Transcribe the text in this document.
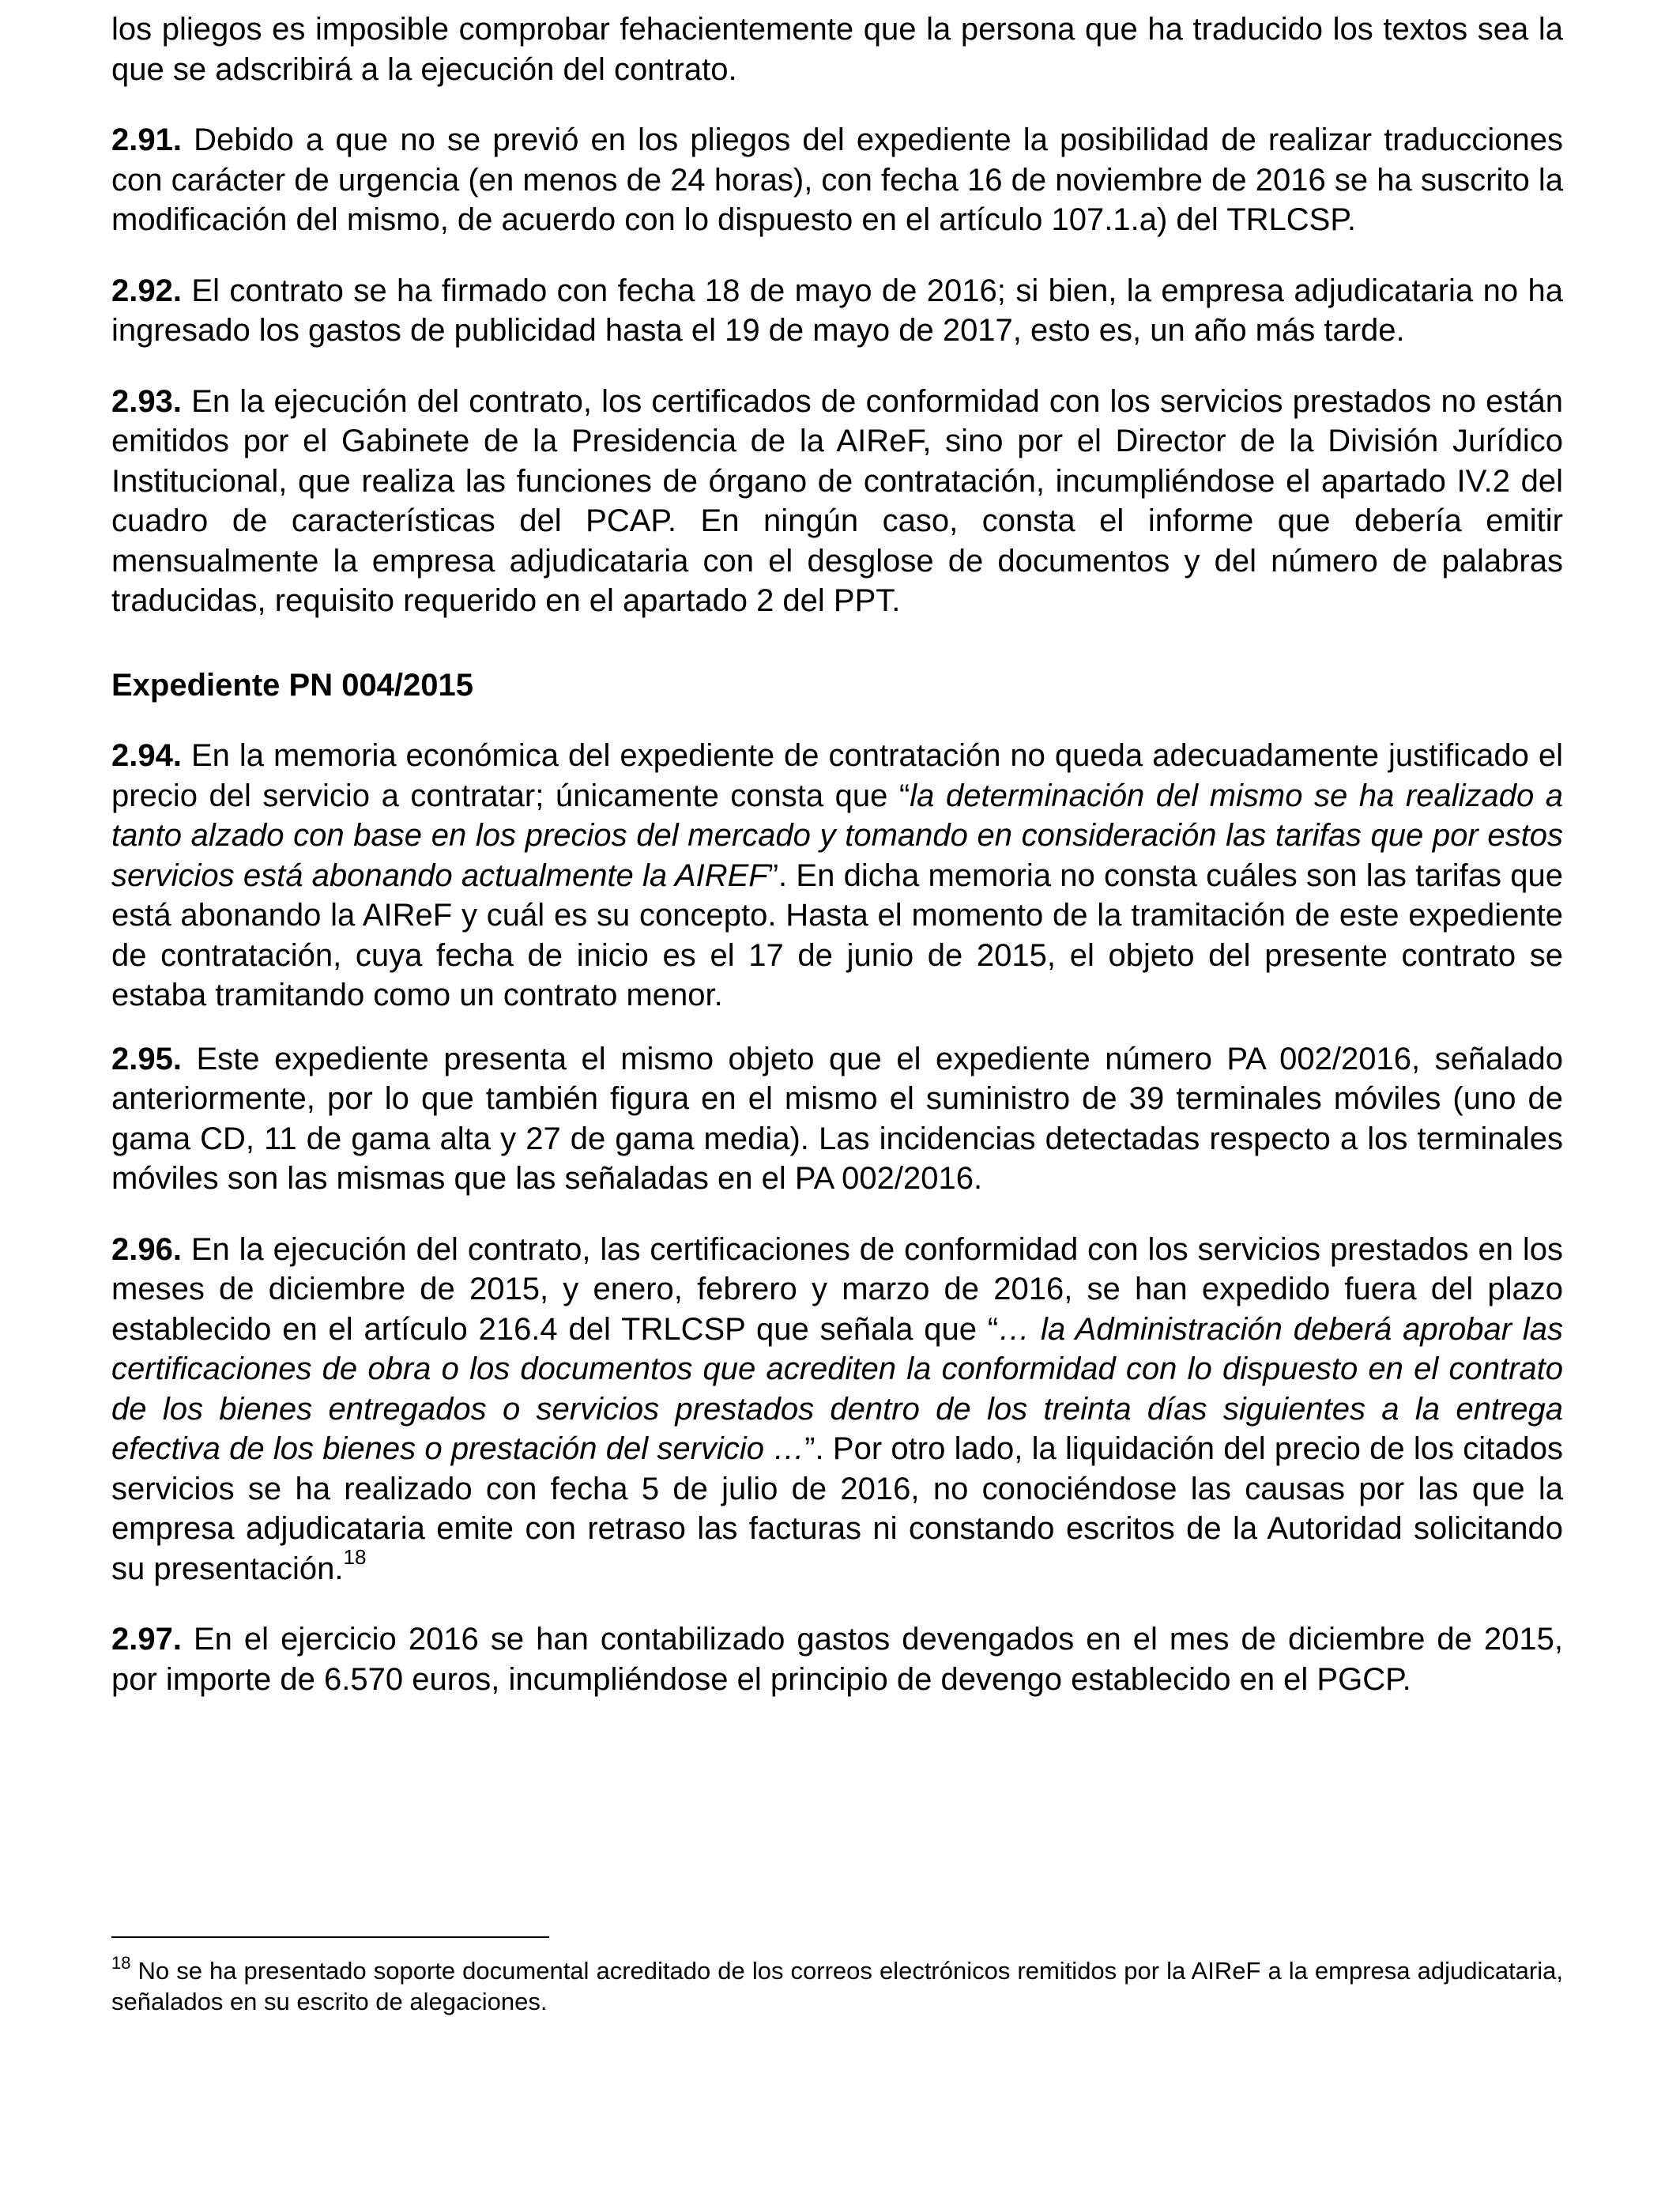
los pliegos es imposible comprobar fehacientemente que la persona que ha traducido los textos sea la que se adscribirá a la ejecución del contrato.

2.91. Debido a que no se previó en los pliegos del expediente la posibilidad de realizar traducciones con carácter de urgencia (en menos de 24 horas), con fecha 16 de noviembre de 2016 se ha suscrito la modificación del mismo, de acuerdo con lo dispuesto en el artículo 107.1.a) del TRLCSP.

2.92. El contrato se ha firmado con fecha 18 de mayo de 2016; si bien, la empresa adjudicataria no ha ingresado los gastos de publicidad hasta el 19 de mayo de 2017, esto es, un año más tarde.

2.93. En la ejecución del contrato, los certificados de conformidad con los servicios prestados no están emitidos por el Gabinete de la Presidencia de la AIReF, sino por el Director de la División Jurídico Institucional, que realiza las funciones de órgano de contratación, incumpliéndose el apartado IV.2 del cuadro de características del PCAP. En ningún caso, consta el informe que debería emitir mensualmente la empresa adjudicataria con el desglose de documentos y del número de palabras traducidas, requisito requerido en el apartado 2 del PPT.

Expediente PN 004/2015

2.94. En la memoria económica del expediente de contratación no queda adecuadamente justificado el precio del servicio a contratar; únicamente consta que “la determinación del mismo se ha realizado a tanto alzado con base en los precios del mercado y tomando en consideración las tarifas que por estos servicios está abonando actualmente la AIREF”. En dicha memoria no consta cuáles son las tarifas que está abonando la AIReF y cuál es su concepto. Hasta el momento de la tramitación de este expediente de contratación, cuya fecha de inicio es el 17 de junio de 2015, el objeto del presente contrato se estaba tramitando como un contrato menor.

2.95. Este expediente presenta el mismo objeto que el expediente número PA 002/2016, señalado anteriormente, por lo que también figura en el mismo el suministro de 39 terminales móviles (uno de gama CD, 11 de gama alta y 27 de gama media). Las incidencias detectadas respecto a los terminales móviles son las mismas que las señaladas en el PA 002/2016.

2.96. En la ejecución del contrato, las certificaciones de conformidad con los servicios prestados en los meses de diciembre de 2015, y enero, febrero y marzo de 2016, se han expedido fuera del plazo establecido en el artículo 216.4 del TRLCSP que señala que “… la Administración deberá aprobar las certificaciones de obra o los documentos que acrediten la conformidad con lo dispuesto en el contrato de los bienes entregados o servicios prestados dentro de los treinta días siguientes a la entrega efectiva de los bienes o prestación del servicio …”. Por otro lado, la liquidación del precio de los citados servicios se ha realizado con fecha 5 de julio de 2016, no conociéndose las causas por las que la empresa adjudicataria emite con retraso las facturas ni constando escritos de la Autoridad solicitando su presentación.$^{18}$

2.97. En el ejercicio 2016 se han contabilizado gastos devengados en el mes de diciembre de 2015, por importe de 6.570 euros, incumpliéndose el principio de devengo establecido en el PGCP.

$^{18}$ No se ha presentado soporte documental acreditado de los correos electrónicos remitidos por la AIReF a la empresa adjudicataria, señalados en su escrito de alegaciones.
